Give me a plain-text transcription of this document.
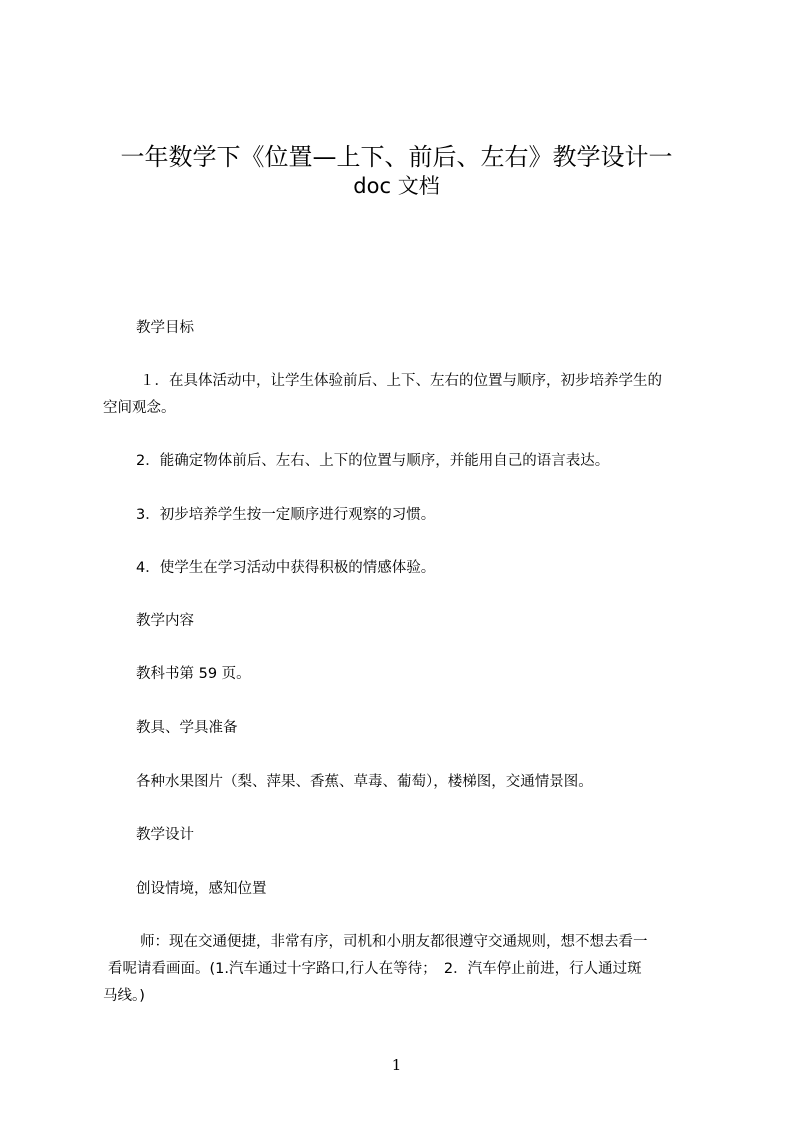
一年数学下《位置—上下、前后、左右》教学设计一
doc 文档
教学目标
１．在具体活动中，让学生体验前后、上下、左右的位置与顺序，初步培养学生的
空间观念。
2．能确定物体前后、左右、上下的位置与顺序，并能用自己的语言表达。
3．初步培养学生按一定顺序进行观察的习惯。
4．使学生在学习活动中获得积极的情感体验。
教学内容
教科书第 59 页。
教具、学具准备
各种水果图片（梨、萍果、香蕉、草毒、葡萄），楼梯图，交通情景图。
教学设计
创设情境，感知位置
师：现在交通便捷，非常有序，司机和小朋友都很遵守交通规则，想不想去看一
看呢请看画面。(1.汽车通过十字路口,行人在等待；　2．汽车停止前进，行人通过斑
马线。)
1
